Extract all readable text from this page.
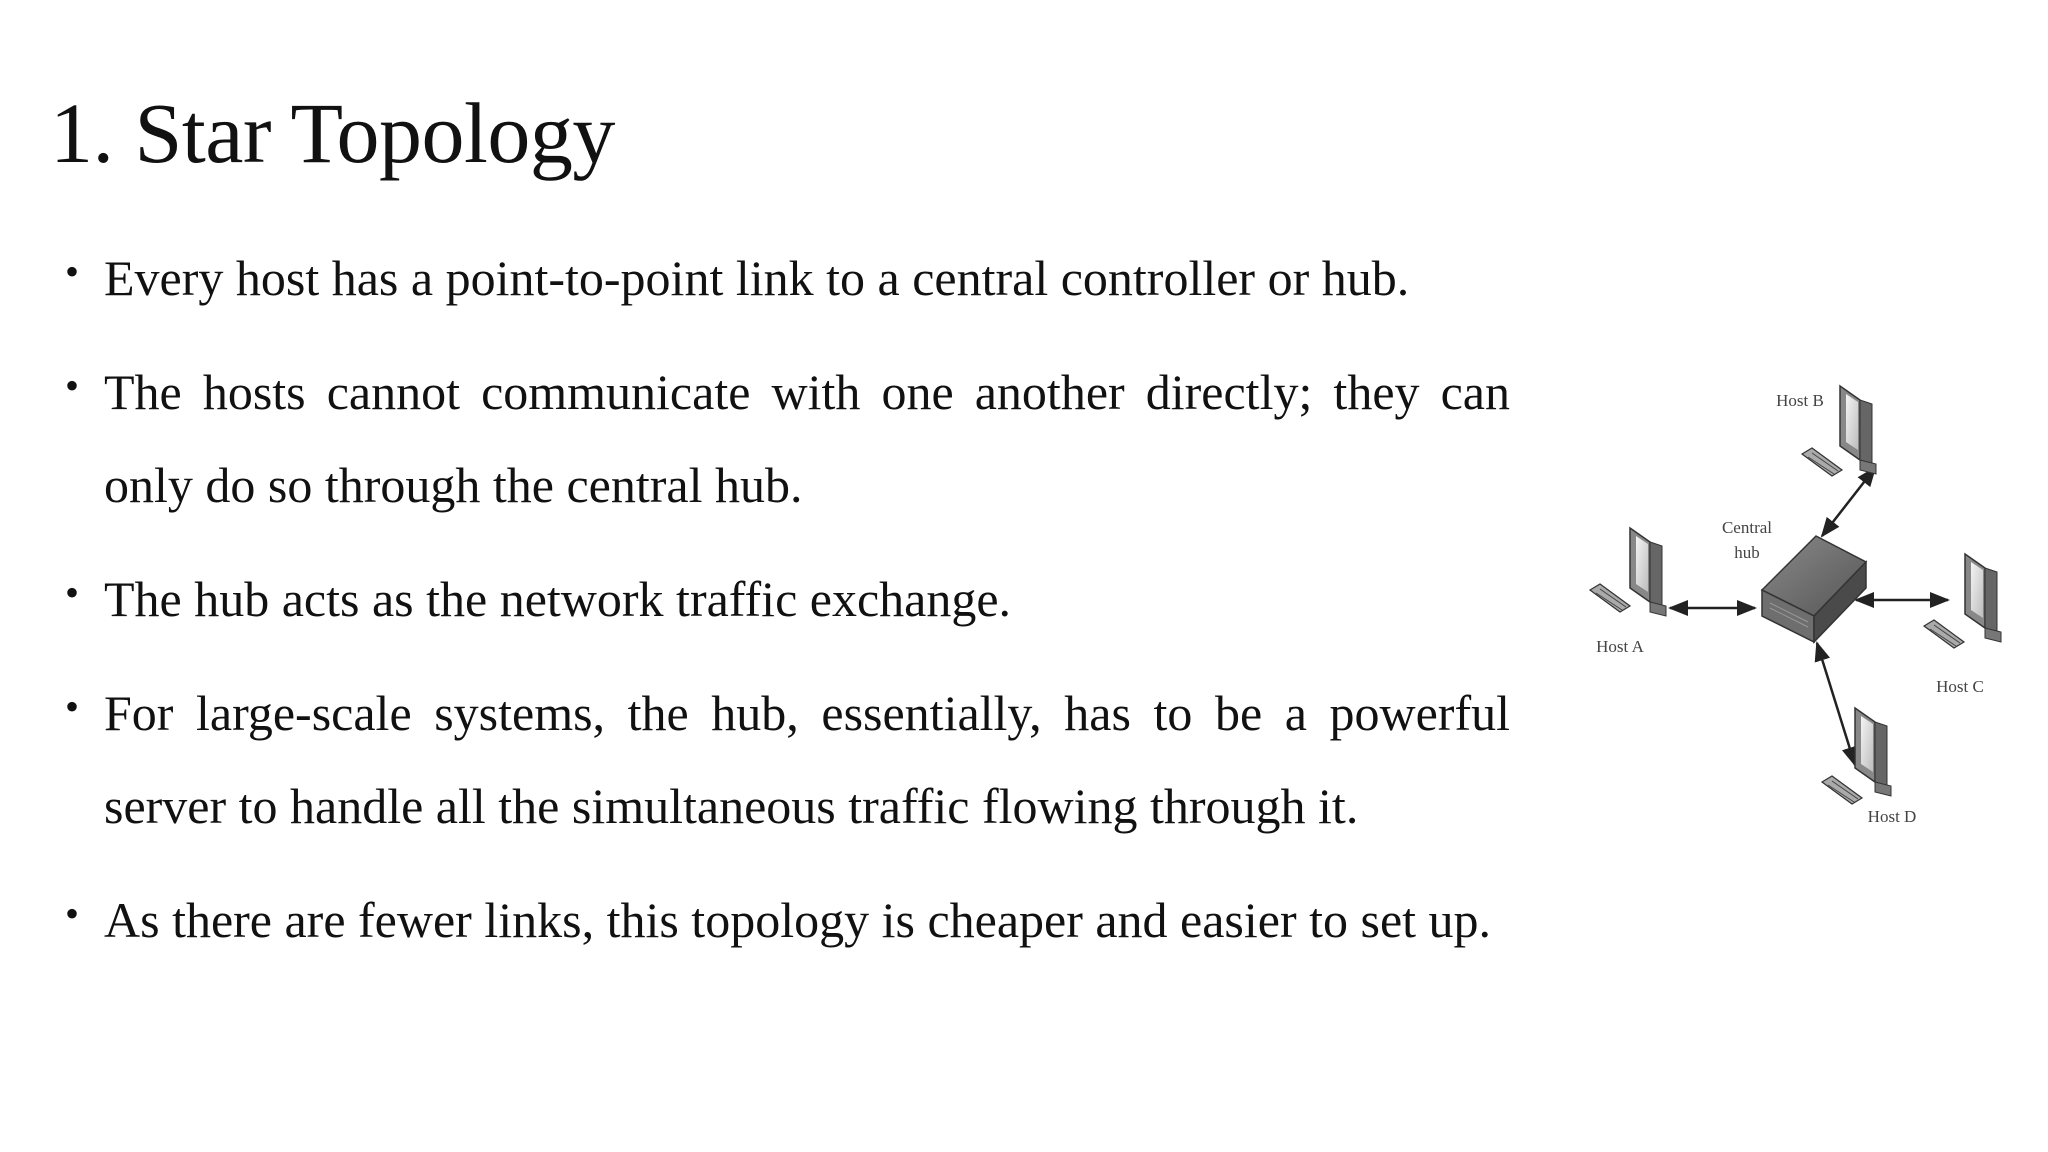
1. Star Topology
• Every host has a point-to-point link to a central controller or hub.
• The hosts cannot communicate with one another directly; they can only do so through the central hub.
• The hub acts as the network traffic exchange.
• For large-scale systems, the hub, essentially, has to be a powerful server to handle all the simultaneous traffic flowing through it.
• As there are fewer links, this topology is cheaper and easier to set up.
Central
hub
Host A
Host B
Host C
Host D
